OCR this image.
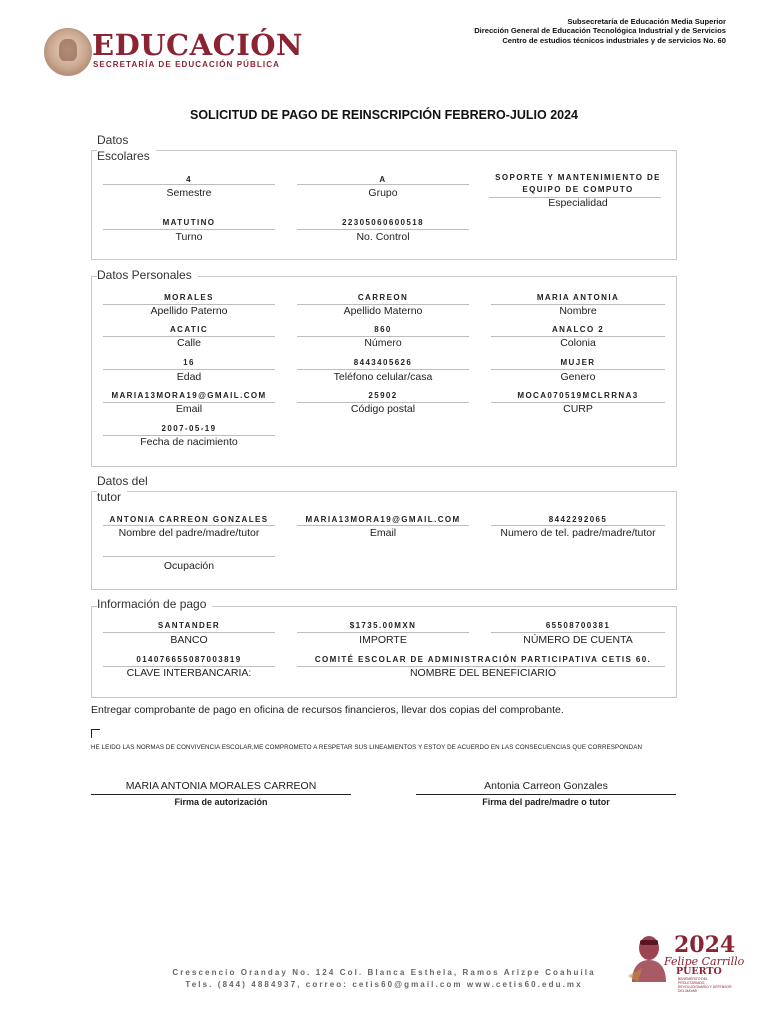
EDUCACIÓN
SECRETARÍA DE EDUCACIÓN PÚBLICA
Subsecretaría de Educación Media Superior
Dirección General de Educación Tecnológica Industrial y de Servicios
Centro de estudios técnicos industriales y de servicios No. 60
SOLICITUD DE PAGO DE REINSCRIPCIÓN FEBRERO-JULIO 2024
Datos
Escolares
4
Semestre
A
Grupo
SOPORTE Y MANTENIMIENTO DE EQUIPO DE COMPUTO
Especialidad
MATUTINO
Turno
22305060600518
No. Control
Datos Personales
MORALES
Apellido Paterno
CARREON
Apellido Materno
MARIA ANTONIA
Nombre
ACATIC
Calle
860
Número
ANALCO 2
Colonia
16
Edad
8443405626
Teléfono celular/casa
MUJER
Genero
MARIA13MORA19@GMAIL.COM
Email
25902
Código postal
MOCA070519MCLRRNA3
CURP
2007-05-19
Fecha de nacimiento
Datos del
tutor
ANTONIA CARREON GONZALES
Nombre del padre/madre/tutor
MARIA13MORA19@GMAIL.COM
Email
8442292065
Numero de tel. padre/madre/tutor
Ocupación
Información de pago
SANTANDER
BANCO
$1735.00MXN
IMPORTE
65508700381
NÚMERO DE CUENTA
014076655087003819
CLAVE INTERBANCARIA:
COMITÉ ESCOLAR DE ADMINISTRACIÓN PARTICIPATIVA CETIS 60.
NOMBRE DEL BENEFICIARIO
Entregar comprobante de pago en oficina de recursos financieros, llevar dos copias del comprobante.
HE LEIDO LAS NORMAS DE CONVIVENCIA ESCOLAR,ME COMPROMETO A RESPETAR SUS LINEAMIENTOS Y ESTOY DE ACUERDO EN LAS CONSECUENCIAS QUE CORRESPONDAN
MARIA ANTONIA MORALES CARREON
Firma de autorización
Antonia Carreon Gonzales
Firma del padre/madre o tutor
Crescencio Oranday No. 124 Col. Blanca Esthela, Ramos Arizpe Coahuila
Tels. (844) 4884937, correo: cetis60@gmail.com www.cetis60.edu.mx
2024
Felipe Carrillo
PUERTO
BENEMÉRITO DEL PROLETARIADO, REVOLUCIONARIO Y DEFENSOR DEL MAYAB
